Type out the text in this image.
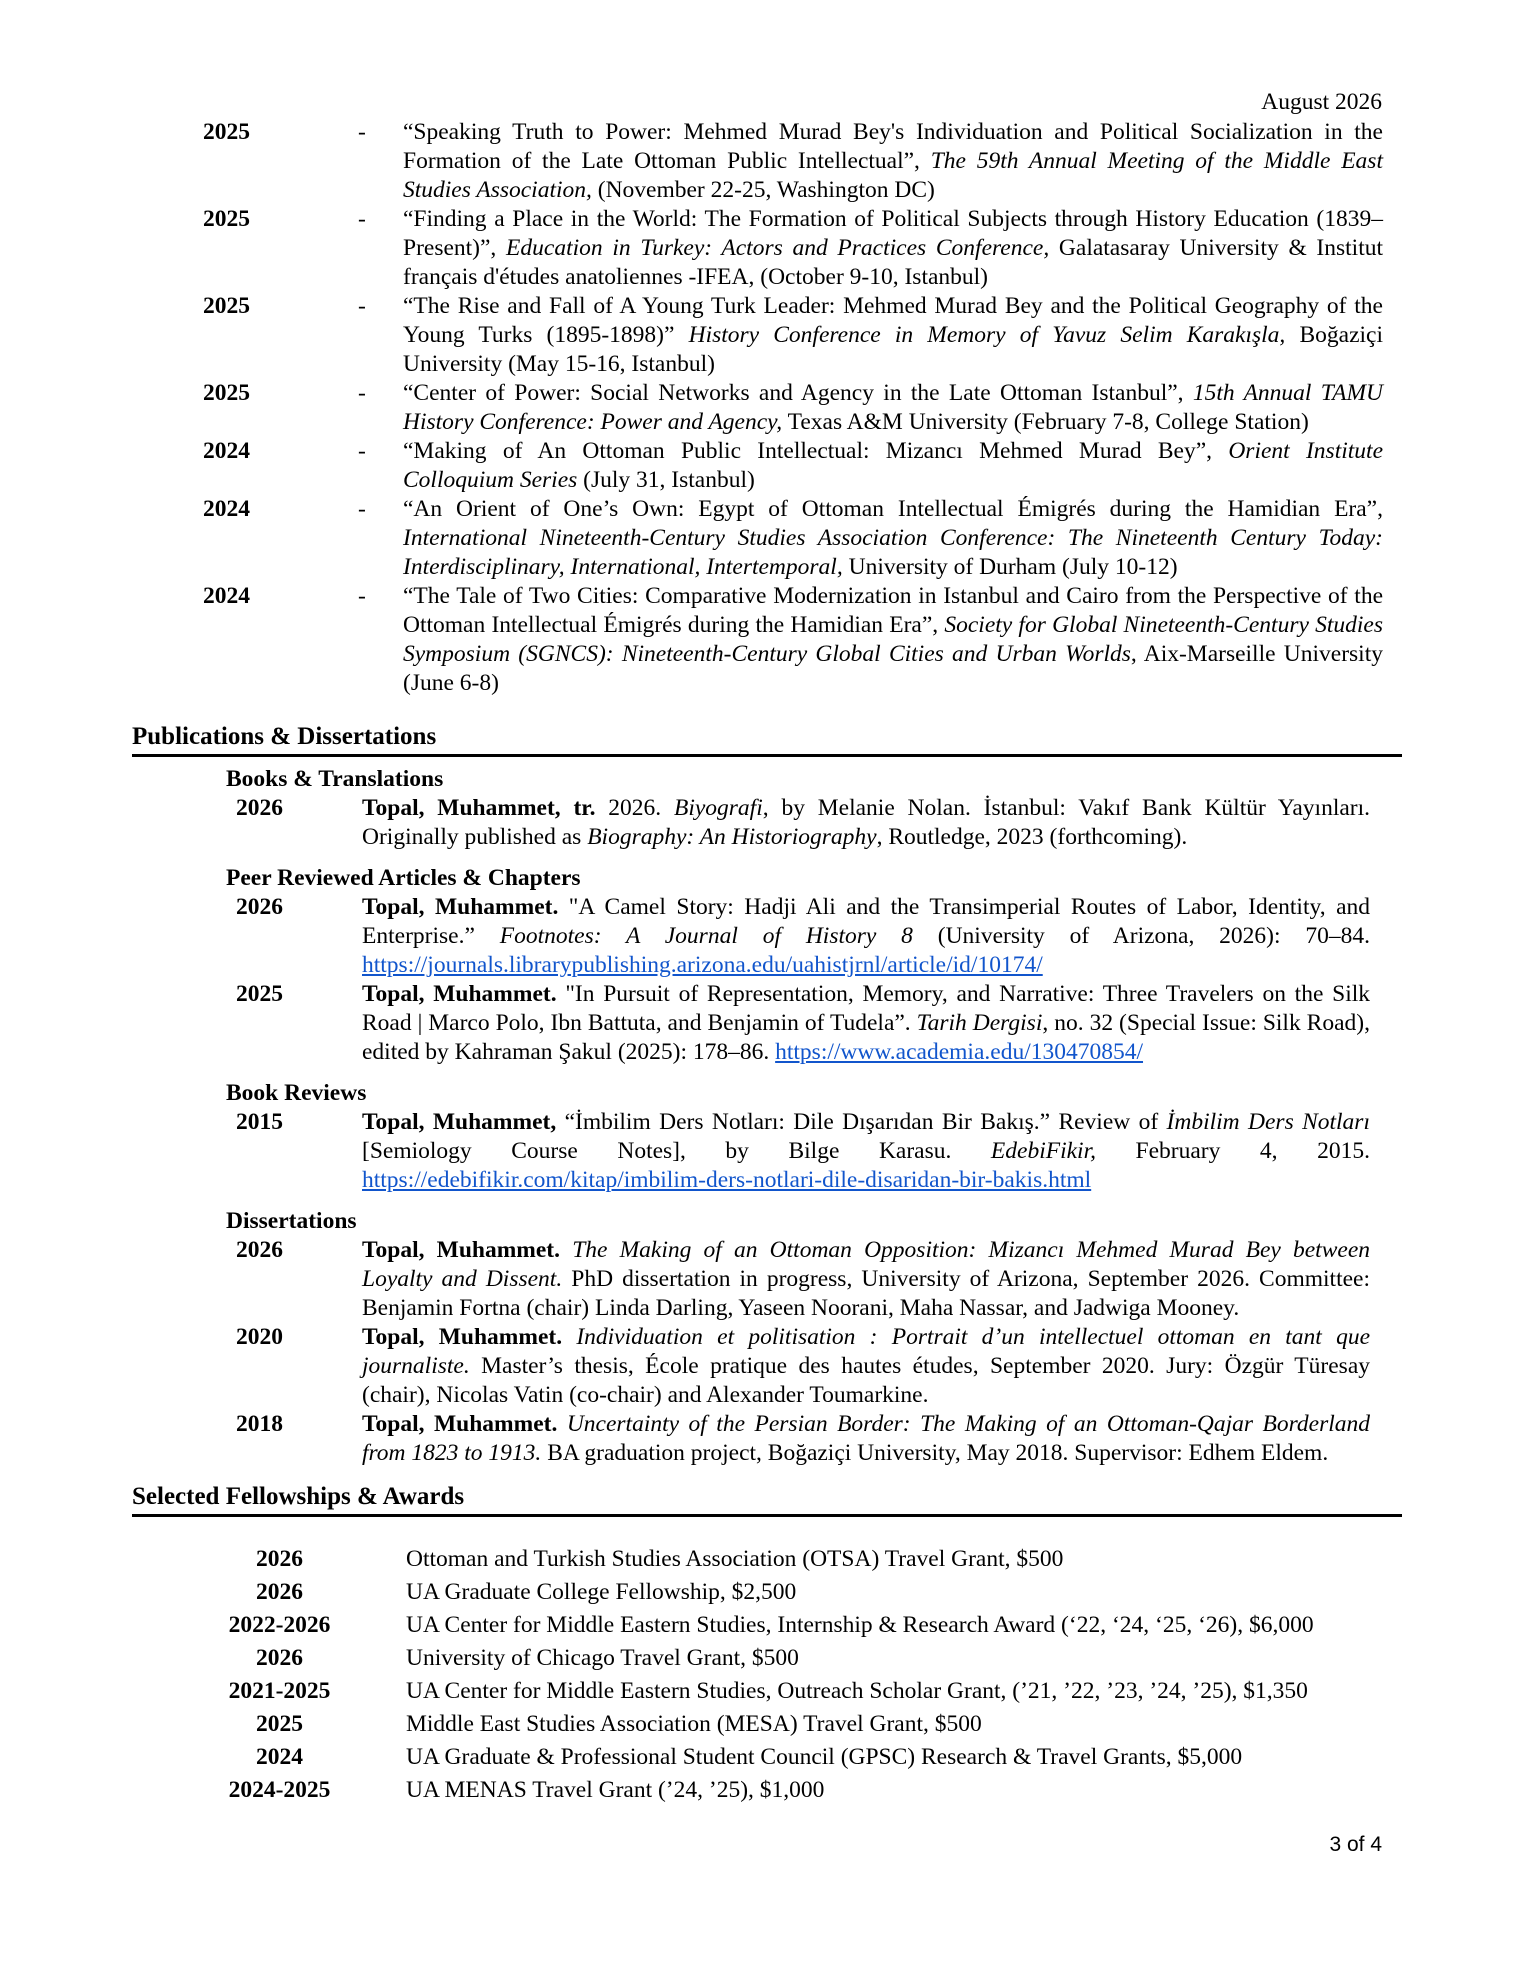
August 2026
2025	-	“Speaking Truth to Power: Mehmed Murad Bey's Individuation and Political Socialization in the Formation of the Late Ottoman Public Intellectual”, The 59th Annual Meeting of the Middle East Studies Association, (November 22-25, Washington DC)
2025	-	“Finding a Place in the World: The Formation of Political Subjects through History Education (1839–Present)”, Education in Turkey: Actors and Practices Conference, Galatasaray University & Institut français d'études anatoliennes -IFEA, (October 9-10, Istanbul)
2025	-	“The Rise and Fall of A Young Turk Leader: Mehmed Murad Bey and the Political Geography of the Young Turks (1895-1898)” History Conference in Memory of Yavuz Selim Karakışla, Boğaziçi University (May 15-16, Istanbul)
2025	-	“Center of Power: Social Networks and Agency in the Late Ottoman Istanbul”, 15th Annual TAMU History Conference: Power and Agency, Texas A&M University (February 7-8, College Station)
2024	-	“Making of An Ottoman Public Intellectual: Mizancı Mehmed Murad Bey”, Orient Institute Colloquium Series (July 31, Istanbul)
2024	-	“An Orient of One’s Own: Egypt of Ottoman Intellectual Émigrés during the Hamidian Era”, International Nineteenth-Century Studies Association Conference: The Nineteenth Century Today: Interdisciplinary, International, Intertemporal, University of Durham (July 10-12)
2024	-	“The Tale of Two Cities: Comparative Modernization in Istanbul and Cairo from the Perspective of the Ottoman Intellectual Émigrés during the Hamidian Era”, Society for Global Nineteenth-Century Studies Symposium (SGNCS): Nineteenth-Century Global Cities and Urban Worlds, Aix-Marseille University (June 6-8)
Publications & Dissertations
Books & Translations
2026	Topal, Muhammet, tr. 2026. Biyografi, by Melanie Nolan. İstanbul: Vakıf Bank Kültür Yayınları. Originally published as Biography: An Historiography, Routledge, 2023 (forthcoming).
Peer Reviewed Articles & Chapters
2026	Topal, Muhammet. "A Camel Story: Hadji Ali and the Transimperial Routes of Labor, Identity, and Enterprise.” Footnotes: A Journal of History 8 (University of Arizona, 2026): 70–84. https://journals.librarypublishing.arizona.edu/uahistjrnl/article/id/10174/
2025	Topal, Muhammet. "In Pursuit of Representation, Memory, and Narrative: Three Travelers on the Silk Road | Marco Polo, Ibn Battuta, and Benjamin of Tudela”. Tarih Dergisi, no. 32 (Special Issue: Silk Road), edited by Kahraman Şakul (2025): 178–86. https://www.academia.edu/130470854/
Book Reviews
2015	Topal, Muhammet, “İmbilim Ders Notları: Dile Dışarıdan Bir Bakış.” Review of İmbilim Ders Notları [Semiology Course Notes], by Bilge Karasu. EdebiFikir, February 4, 2015. https://edebifikir.com/kitap/imbilim-ders-notlari-dile-disaridan-bir-bakis.html
Dissertations
2026	Topal, Muhammet. The Making of an Ottoman Opposition: Mizancı Mehmed Murad Bey between Loyalty and Dissent. PhD dissertation in progress, University of Arizona, September 2026. Committee: Benjamin Fortna (chair) Linda Darling, Yaseen Noorani, Maha Nassar, and Jadwiga Mooney.
2020	Topal, Muhammet. Individuation et politisation : Portrait d’un intellectuel ottoman en tant que journaliste. Master’s thesis, École pratique des hautes études, September 2020. Jury: Özgür Türesay (chair), Nicolas Vatin (co-chair) and Alexander Toumarkine.
2018	Topal, Muhammet. Uncertainty of the Persian Border: The Making of an Ottoman-Qajar Borderland from 1823 to 1913. BA graduation project, Boğaziçi University, May 2018. Supervisor: Edhem Eldem.
Selected Fellowships & Awards
2026	Ottoman and Turkish Studies Association (OTSA) Travel Grant, $500
2026	UA Graduate College Fellowship, $2,500
2022-2026	UA Center for Middle Eastern Studies, Internship & Research Award (‘22, ‘24, ‘25, ‘26), $6,000
2026	University of Chicago Travel Grant, $500
2021-2025	UA Center for Middle Eastern Studies, Outreach Scholar Grant, (’21, ’22, ’23, ’24, ’25), $1,350
2025	Middle East Studies Association (MESA) Travel Grant, $500
2024	UA Graduate & Professional Student Council (GPSC) Research & Travel Grants, $5,000
2024-2025	UA MENAS Travel Grant (’24, ’25), $1,000
3 of 4
